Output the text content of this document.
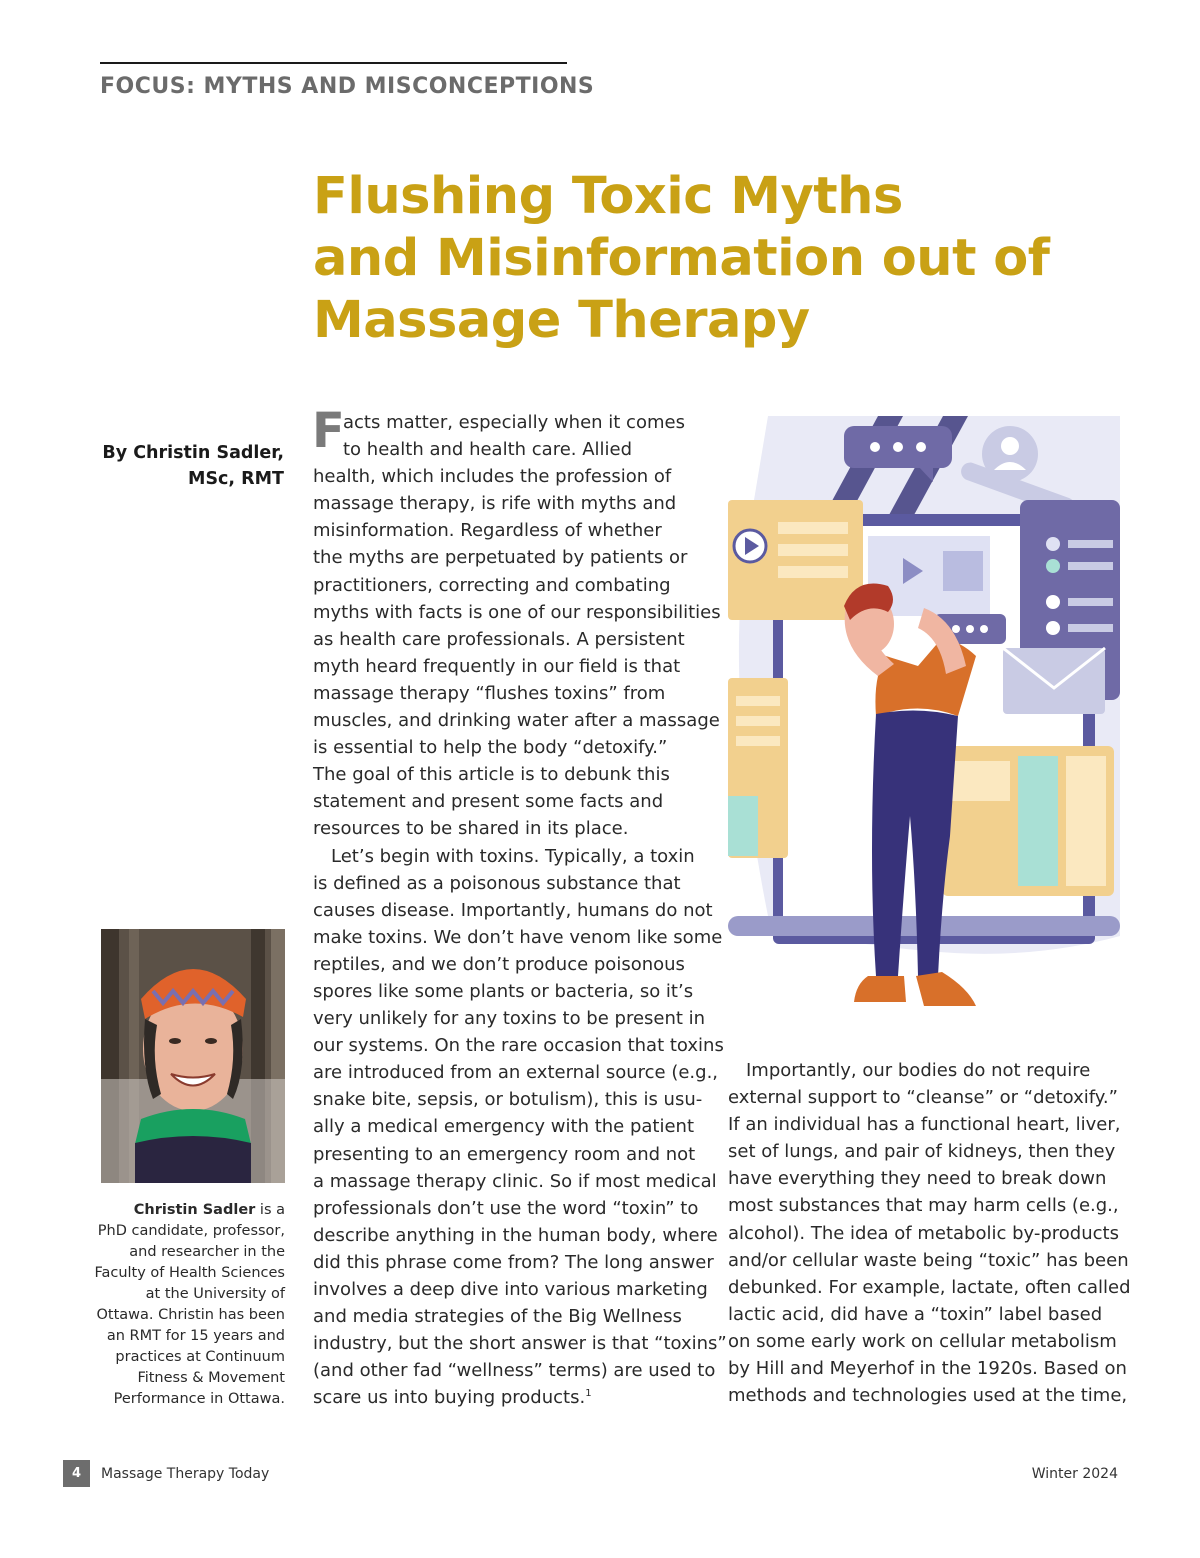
FOCUS: MYTHS AND MISCONCEPTIONS
Flushing Toxic Myths
and Misinformation out of
Massage Therapy
By Christin Sadler,
MSc, RMT
Christin Sadler is a
PhD candidate, professor,
and researcher in the
Faculty of Health Sciences
at the University of
Ottawa. Christin has been
an RMT for 15 years and
practices at Continuum
Fitness & Movement
Performance in Ottawa.
F
acts matter, especially when it comes
to health and health care. Allied
health, which includes the profession of
massage therapy, is rife with myths and
misinformation. Regardless of whether
the myths are perpetuated by patients or
practitioners, correcting and combating
myths with facts is one of our responsibilities
as health care professionals. A persistent
myth heard frequently in our field is that
massage therapy “flushes toxins” from
muscles, and drinking water after a massage
is essential to help the body “detoxify.”
The goal of this article is to debunk this
statement and present some facts and
resources to be shared in its place.
Let’s begin with toxins. Typically, a toxin
is defined as a poisonous substance that
causes disease. Importantly, humans do not
make toxins. We don’t have venom like some
reptiles, and we don’t produce poisonous
spores like some plants or bacteria, so it’s
very unlikely for any toxins to be present in
our systems. On the rare occasion that toxins
are introduced from an external source (e.g.,
snake bite, sepsis, or botulism), this is usu-
ally a medical emergency with the patient
presenting to an emergency room and not
a massage therapy clinic. So if most medical
professionals don’t use the word “toxin” to
describe anything in the human body, where
did this phrase come from? The long answer
involves a deep dive into various marketing
and media strategies of the Big Wellness
industry, but the short answer is that “toxins”
(and other fad “wellness” terms) are used to
scare us into buying products.$^1$
Importantly, our bodies do not require
external support to “cleanse” or “detoxify.”
If an individual has a functional heart, liver,
set of lungs, and pair of kidneys, then they
have everything they need to break down
most substances that may harm cells (e.g.,
alcohol). The idea of metabolic by-products
and/or cellular waste being “toxic” has been
debunked. For example, lactate, often called
lactic acid, did have a “toxin” label based
on some early work on cellular metabolism
by Hill and Meyerhof in the 1920s. Based on
methods and technologies used at the time,
4	Massage Therapy Today	Winter 2024
